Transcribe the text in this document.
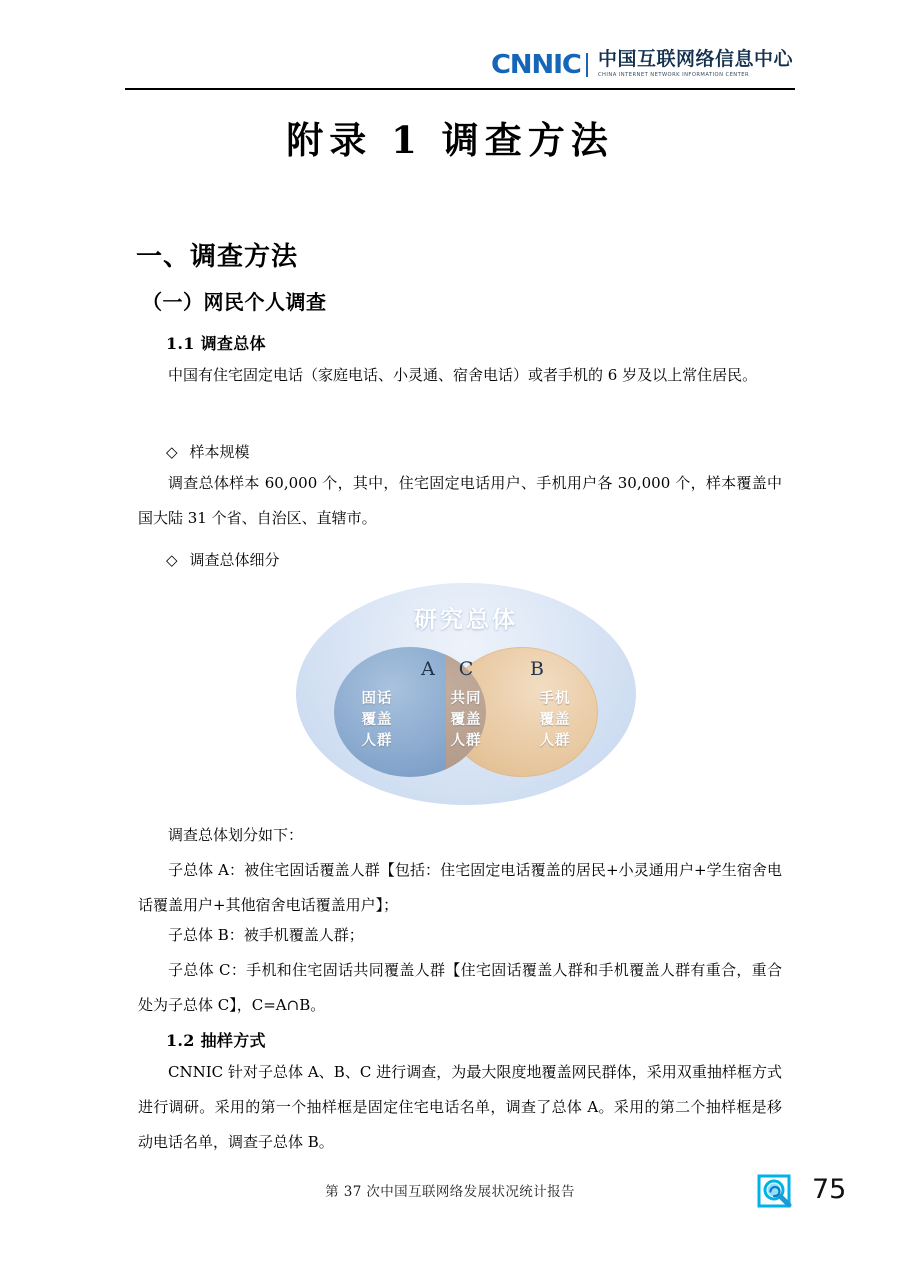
CNNIC 中国互联网络信息中心
CHINA INTERNET NETWORK INFORMATION CENTER
附录 1 调查方法
一、调查方法
（一）网民个人调查
1.1 调查总体
中国有住宅固定电话（家庭电话、小灵通、宿舍电话）或者手机的 6 岁及以上常住居民。
◇ 样本规模
调查总体样本 60,000 个，其中，住宅固定电话用户、手机用户各 30,000 个，样本覆盖中国大陆 31 个省、自治区、直辖市。
◇ 调查总体细分
研究总体
A	C	B
固话
覆盖
人群
共同
覆盖
人群
手机
覆盖
人群
调查总体划分如下：
子总体 A：被住宅固话覆盖人群【包括：住宅固定电话覆盖的居民+小灵通用户+学生宿舍电话覆盖用户+其他宿舍电话覆盖用户】；
子总体 B：被手机覆盖人群；
子总体 C：手机和住宅固话共同覆盖人群【住宅固话覆盖人群和手机覆盖人群有重合，重合处为子总体 C】，C=A∩B。
1.2 抽样方式
CNNIC 针对子总体 A、B、C 进行调查，为最大限度地覆盖网民群体，采用双重抽样框方式进行调研。采用的第一个抽样框是固定住宅电话名单，调查了总体 A。采用的第二个抽样框是移动电话名单，调查子总体 B。
第 37 次中国互联网络发展状况统计报告	75
